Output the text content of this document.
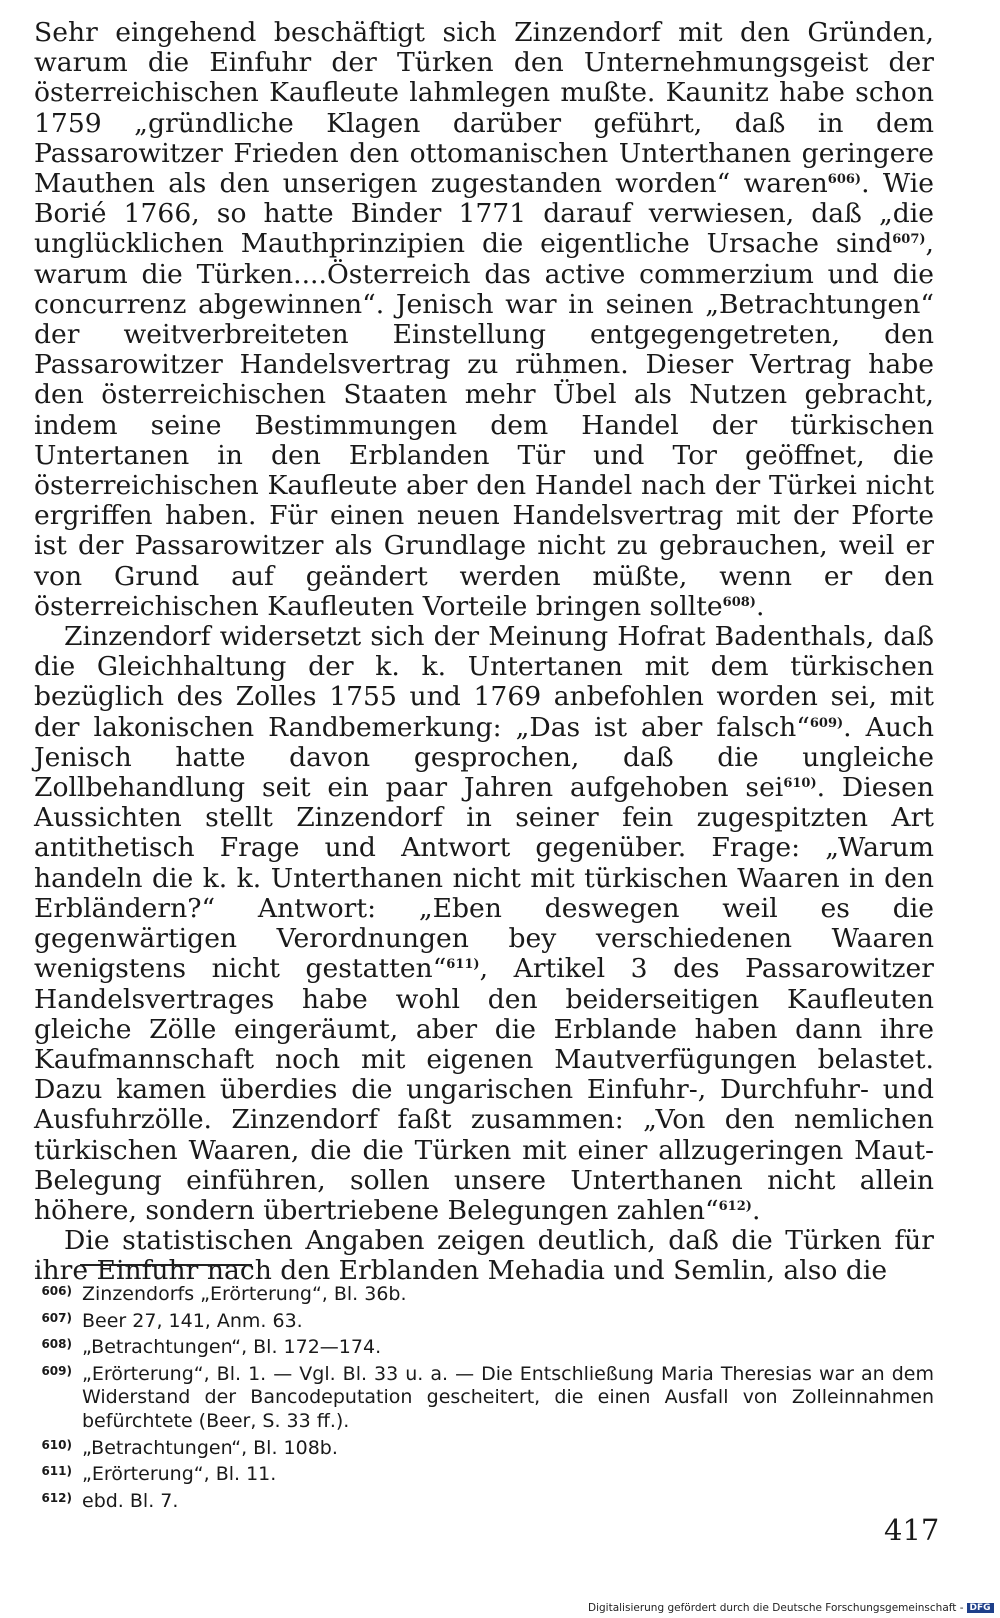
Sehr eingehend beschäftigt sich Zinzendorf mit den Gründen, warum die Einfuhr der Türken den Unternehmungsgeist der österreichischen Kaufleute lahmlegen mußte. Kaunitz habe schon 1759 „gründliche Klagen darüber geführt, daß in dem Passarowitzer Frieden den ottomanischen Unterthanen geringere Mauthen als den unserigen zugestanden worden“ waren$^{606)}$. Wie Borié 1766, so hatte Binder 1771 darauf verwiesen, daß „die unglücklichen Mauthprinzipien die eigentliche Ursache sind$^{607)}$, warum die Türken....Österreich das active commerzium und die concurrenz abgewinnen“. Jenisch war in seinen „Betrachtungen“ der weitverbreiteten Einstellung entgegengetreten, den Passarowitzer Handelsvertrag zu rühmen. Dieser Vertrag habe den österreichischen Staaten mehr Übel als Nutzen gebracht, indem seine Bestimmungen dem Handel der türkischen Untertanen in den Erblanden Tür und Tor geöffnet, die österreichischen Kaufleute aber den Handel nach der Türkei nicht ergriffen haben. Für einen neuen Handelsvertrag mit der Pforte ist der Passarowitzer als Grundlage nicht zu gebrauchen, weil er von Grund auf geändert werden müßte, wenn er den österreichischen Kaufleuten Vorteile bringen sollte$^{608)}$.

Zinzendorf widersetzt sich der Meinung Hofrat Badenthals, daß die Gleichhaltung der k. k. Untertanen mit dem türkischen bezüglich des Zolles 1755 und 1769 anbefohlen worden sei, mit der lakonischen Randbemerkung: „Das ist aber falsch“$^{609)}$. Auch Jenisch hatte davon gesprochen, daß die ungleiche Zollbehandlung seit ein paar Jahren aufgehoben sei$^{610)}$. Diesen Aussichten stellt Zinzendorf in seiner fein zugespitzten Art antithetisch Frage und Antwort gegenüber. Frage: „Warum handeln die k. k. Unterthanen nicht mit türkischen Waaren in den Erbländern?“ Antwort: „Eben deswegen weil es die gegenwärtigen Verordnungen bey verschiedenen Waaren wenigstens nicht gestatten“$^{611)}$, Artikel 3 des Passarowitzer Handelsvertrages habe wohl den beiderseitigen Kaufleuten gleiche Zölle eingeräumt, aber die Erblande haben dann ihre Kaufmannschaft noch mit eigenen Mautverfügungen belastet. Dazu kamen überdies die ungarischen Einfuhr-, Durchfuhr- und Ausfuhrzölle. Zinzendorf faßt zusammen: „Von den nemlichen türkischen Waaren, die die Türken mit einer allzugeringen Maut-Belegung einführen, sollen unsere Unterthanen nicht allein höhere, sondern übertriebene Belegungen zahlen“$^{612)}$.

Die statistischen Angaben zeigen deutlich, daß die Türken für ihre Einfuhr nach den Erblanden Mehadia und Semlin, also die

606) Zinzendorfs „Erörterung“, Bl. 36b.

607) Beer 27, 141, Anm. 63.

608) „Betrachtungen“, Bl. 172—174.

609) „Erörterung“, Bl. 1. — Vgl. Bl. 33 u. a. — Die Entschließung Maria Theresias war an dem Widerstand der Bancodeputation gescheitert, die einen Ausfall von Zolleinnahmen befürchtete (Beer, S. 33 ff.).

610) „Betrachtungen“, Bl. 108b.

611) „Erörterung“, Bl. 11.

612) ebd. Bl. 7.

417
Digitalisierung gefördert durch die Deutsche Forschungsgemeinschaft - DFG
